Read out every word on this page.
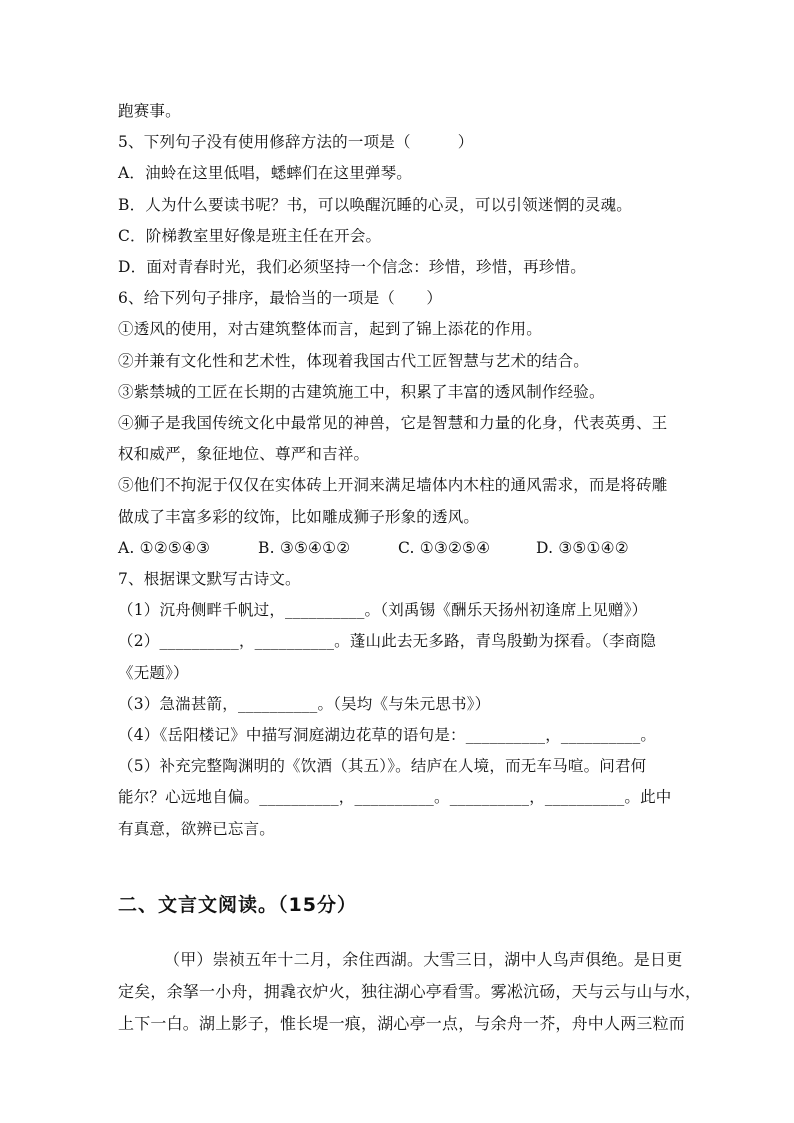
跑赛事。
5、下列句子没有使用修辞方法的一项是（　　　）
A．油蛉在这里低唱，蟋蟀们在这里弹琴。
B．人为什么要读书呢？书，可以唤醒沉睡的心灵，可以引领迷惘的灵魂。
C．阶梯教室里好像是班主任在开会。
D．面对青春时光，我们必须坚持一个信念：珍惜，珍惜，再珍惜。
6、给下列句子排序，最恰当的一项是（　　）
①透风的使用，对古建筑整体而言，起到了锦上添花的作用。
②并兼有文化性和艺术性，体现着我国古代工匠智慧与艺术的结合。
③紫禁城的工匠在长期的古建筑施工中，积累了丰富的透风制作经验。
④狮子是我国传统文化中最常见的神兽，它是智慧和力量的化身，代表英勇、王
权和威严，象征地位、尊严和吉祥。
⑤他们不拘泥于仅仅在实体砖上开洞来满足墙体内木柱的通风需求，而是将砖雕
做成了丰富多彩的纹饰，比如雕成狮子形象的透风。
A. ①②⑤④③	B. ③⑤④①②	C. ①③②⑤④	D. ③⑤①④②
7、根据课文默写古诗文。
（1）沉舟侧畔千帆过，__________。（刘禹锡《酬乐天扬州初逢席上见赠》）
（2）__________，__________。蓬山此去无多路，青鸟殷勤为探看。（李商隐
《无题》）
（3）急湍甚箭，__________。（吴均《与朱元思书》）
（4）《岳阳楼记》中描写洞庭湖边花草的语句是：__________，__________。
（5）补充完整陶渊明的《饮酒（其五）》。结庐在人境，而无车马喧。问君何
能尔？心远地自偏。__________，__________。__________，__________。此中
有真意，欲辨已忘言。
二、文言文阅读。（15分）
（甲）崇祯五年十二月，余住西湖。大雪三日，湖中人鸟声俱绝。是日更
定矣，余拏一小舟，拥毳衣炉火，独往湖心亭看雪。雾凇沆砀，天与云与山与水，
上下一白。湖上影子，惟长堤一痕，湖心亭一点，与余舟一芥，舟中人两三粒而
